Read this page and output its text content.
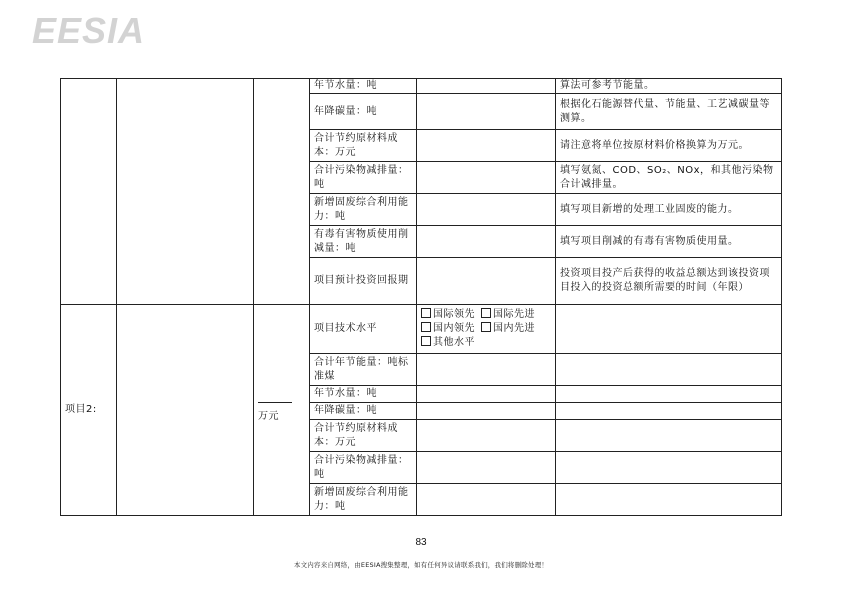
EESIA
			年节水量：吨		算法可参考节能量。
			年降碳量：吨		根据化石能源替代量、节能量、工艺减碳量等测算。
			合计节约原材料成本：万元		请注意将单位按原材料价格换算为万元。
			合计污染物减排量：吨		填写氨氮、COD、SO₂、NOx，和其他污染物合计减排量。
			新增固废综合利用能力：吨		填写项目新增的处理工业固废的能力。
			有毒有害物质使用削减量：吨		填写项目削减的有毒有害物质使用量。
			项目预计投资回报期		投资项目投产后获得的收益总额达到该投资项目投入的投资总额所需要的时间（年限）
项目2:		万元	项目技术水平	国际领先 国际先进
国内领先 国内先进
其他水平	
			合计年节能量：吨标准煤		
			年节水量：吨		
			年降碳量：吨		
			合计节约原材料成本：万元		
			合计污染物减排量：吨		
			新增固废综合利用能力：吨		
83
本文内容来自网络，由EESIA搜集整理，如有任何异议请联系我们，我们将删除处理！
